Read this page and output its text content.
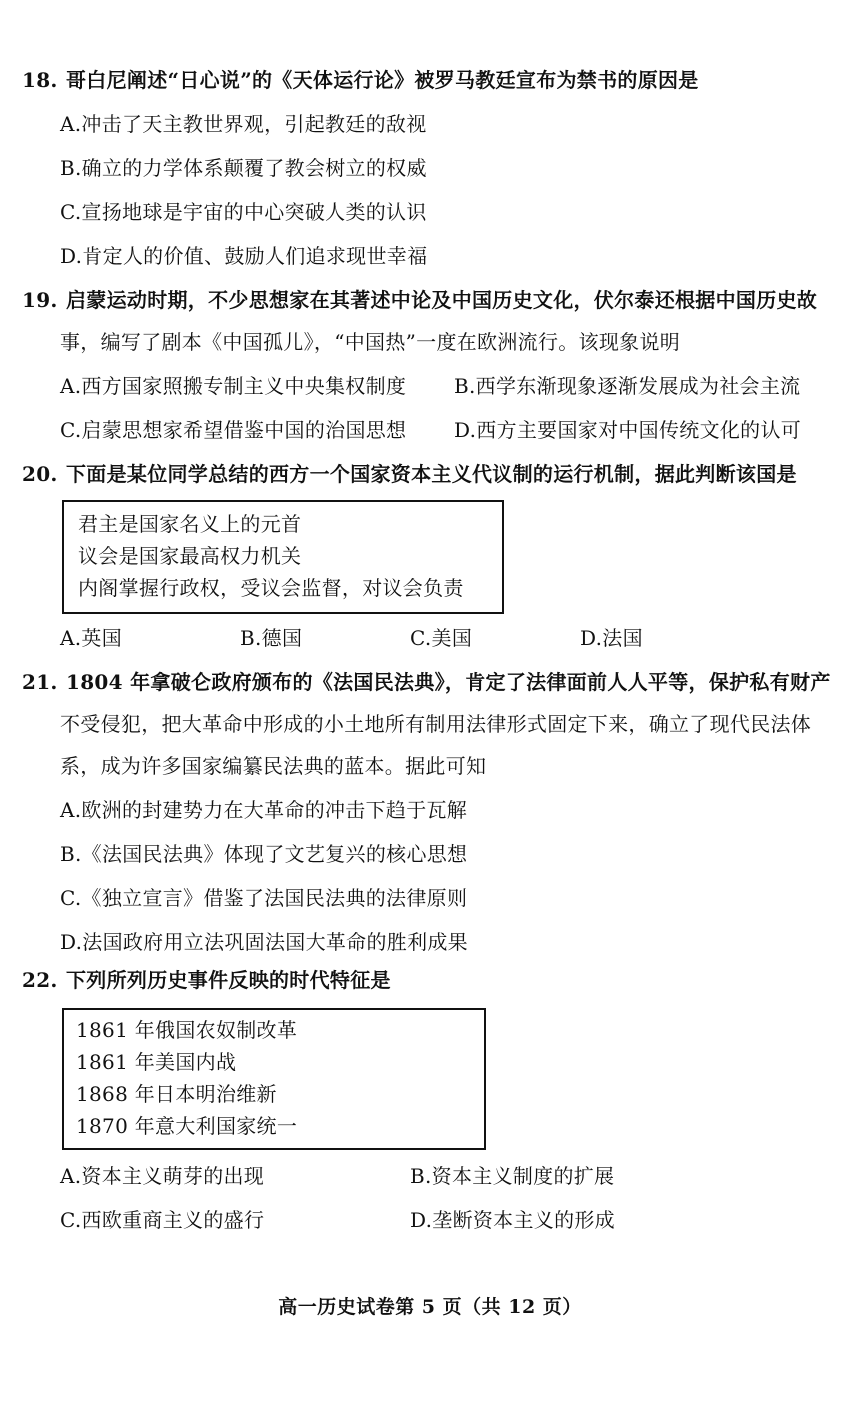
18. 哥白尼阐述“日心说”的《天体运行论》被罗马教廷宣布为禁书的原因是
A.冲击了天主教世界观，引起教廷的敌视
B.确立的力学体系颠覆了教会树立的权威
C.宣扬地球是宇宙的中心突破人类的认识
D.肯定人的价值、鼓励人们追求现世幸福
19. 启蒙运动时期，不少思想家在其著述中论及中国历史文化，伏尔泰还根据中国历史故
事，编写了剧本《中国孤儿》，“中国热”一度在欧洲流行。该现象说明
A.西方国家照搬专制主义中央集权制度 B.西学东渐现象逐渐发展成为社会主流
C.启蒙思想家希望借鉴中国的治国思想 D.西方主要国家对中国传统文化的认可
20. 下面是某位同学总结的西方一个国家资本主义代议制的运行机制，据此判断该国是
君主是国家名义上的元首
议会是国家最高权力机关
内阁掌握行政权，受议会监督，对议会负责
A.英国	B.德国	C.美国	D.法国
21. 1804 年拿破仑政府颁布的《法国民法典》，肯定了法律面前人人平等，保护私有财产
不受侵犯，把大革命中形成的小土地所有制用法律形式固定下来，确立了现代民法体
系，成为许多国家编纂民法典的蓝本。据此可知
A.欧洲的封建势力在大革命的冲击下趋于瓦解
B.《法国民法典》体现了文艺复兴的核心思想
C.《独立宣言》借鉴了法国民法典的法律原则
D.法国政府用立法巩固法国大革命的胜利成果
22. 下列所列历史事件反映的时代特征是
1861 年俄国农奴制改革
1861 年美国内战
1868 年日本明治维新
1870 年意大利国家统一
A.资本主义萌芽的出现	B.资本主义制度的扩展
C.西欧重商主义的盛行	D.垄断资本主义的形成
高一历史试卷第 5 页（共 12 页）
